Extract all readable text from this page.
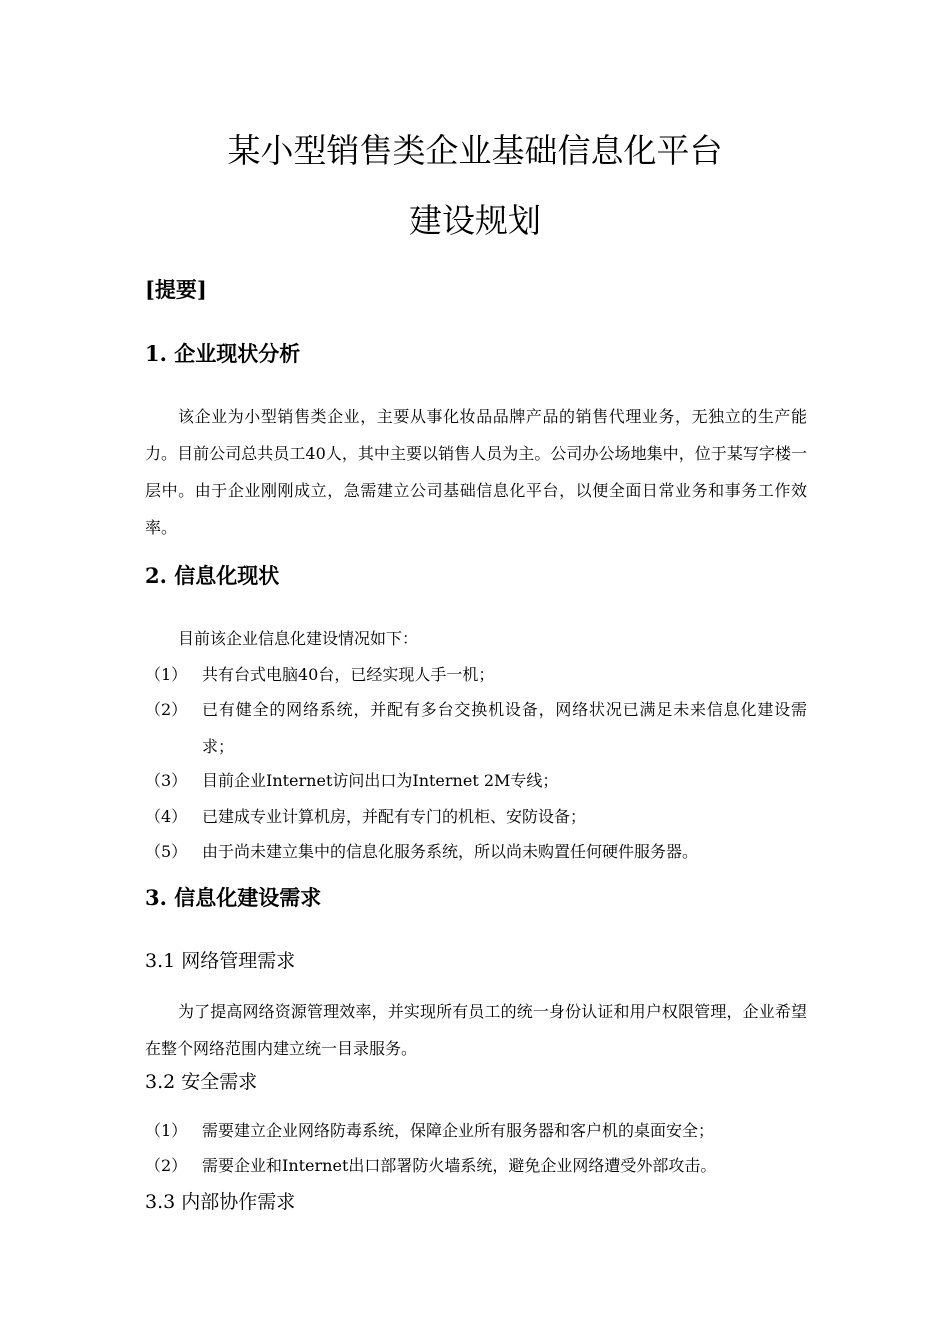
某小型销售类企业基础信息化平台
建设规划
[提要]
1. 企业现状分析

该企业为小型销售类企业，主要从事化妆品品牌产品的销售代理业务，无独立的生产能力。目前公司总共员工40人，其中主要以销售人员为主。公司办公场地集中，位于某写字楼一层中。由于企业刚刚成立，急需建立公司基础信息化平台，以便全面日常业务和事务工作效率。

2. 信息化现状

目前该企业信息化建设情况如下：

（1） 共有台式电脑40台，已经实现人手一机；
（2） 已有健全的网络系统，并配有多台交换机设备，网络状况已满足未来信息化建设需求；
（3） 目前企业Internet访问出口为Internet 2M专线；
（4） 已建成专业计算机房，并配有专门的机柜、安防设备；
（5） 由于尚未建立集中的信息化服务系统，所以尚未购置任何硬件服务器。
3. 信息化建设需求
3.1 网络管理需求

为了提高网络资源管理效率，并实现所有员工的统一身份认证和用户权限管理，企业希望在整个网络范围内建立统一目录服务。

3.2 安全需求
（1） 需要建立企业网络防毒系统，保障企业所有服务器和客户机的桌面安全；
（2） 需要企业和Internet出口部署防火墙系统，避免企业网络遭受外部攻击。
3.3 内部协作需求
